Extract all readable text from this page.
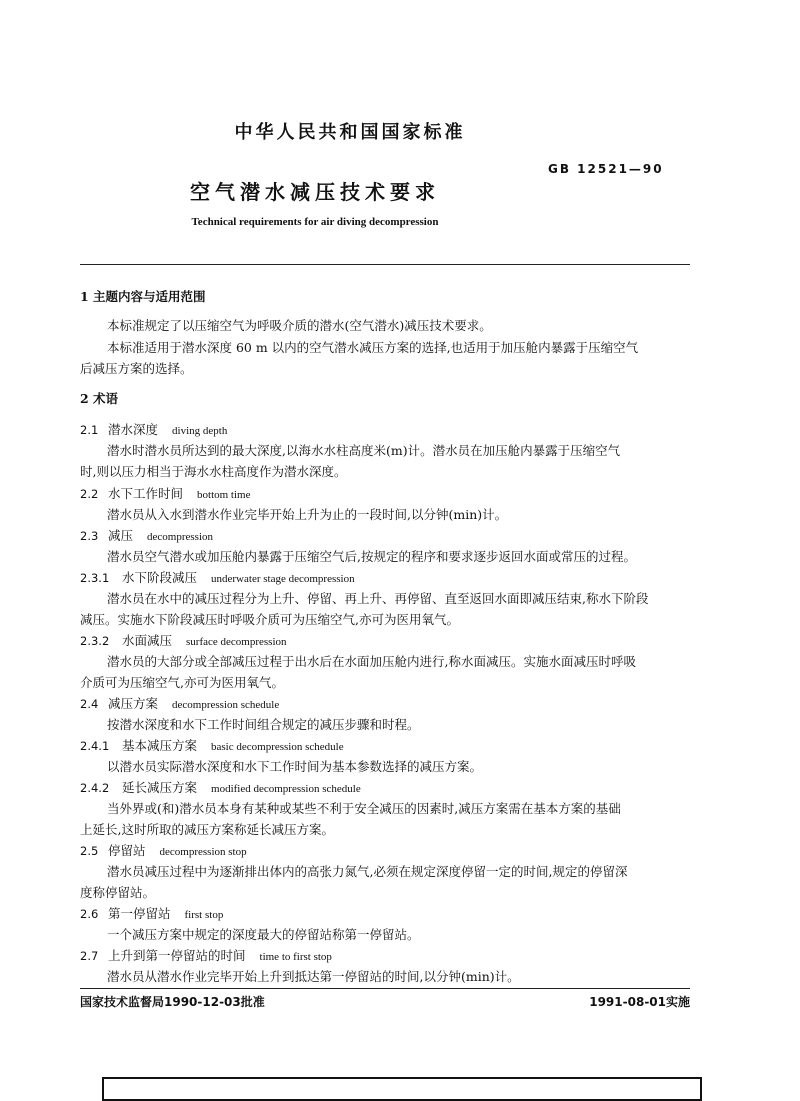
中华人民共和国国家标准
GB 12521—90
空气潜水减压技术要求
Technical requirements for air diving decompression
1 主题内容与适用范围
本标准规定了以压缩空气为呼吸介质的潜水(空气潜水)减压技术要求。
本标准适用于潜水深度 60 m 以内的空气潜水减压方案的选择,也适用于加压舱内暴露于压缩空气
后减压方案的选择。
2 术语
2.1 潜水深度 diving depth
潜水时潜水员所达到的最大深度,以海水水柱高度米(m)计。潜水员在加压舱内暴露于压缩空气
时,则以压力相当于海水水柱高度作为潜水深度。
2.2 水下工作时间 bottom time
潜水员从入水到潜水作业完毕开始上升为止的一段时间,以分钟(min)计。
2.3 减压 decompression
潜水员空气潜水或加压舱内暴露于压缩空气后,按规定的程序和要求逐步返回水面或常压的过程。
2.3.1 水下阶段减压 underwater stage decompression
潜水员在水中的减压过程分为上升、停留、再上升、再停留、直至返回水面即减压结束,称水下阶段
减压。实施水下阶段减压时呼吸介质可为压缩空气,亦可为医用氧气。
2.3.2 水面减压 surface decompression
潜水员的大部分或全部减压过程于出水后在水面加压舱内进行,称水面减压。实施水面减压时呼吸
介质可为压缩空气,亦可为医用氧气。
2.4 减压方案 decompression schedule
按潜水深度和水下工作时间组合规定的减压步骤和时程。
2.4.1 基本减压方案 basic decompression schedule
以潜水员实际潜水深度和水下工作时间为基本参数选择的减压方案。
2.4.2 延长减压方案 modified decompression schedule
当外界或(和)潜水员本身有某种或某些不利于安全减压的因素时,减压方案需在基本方案的基础
上延长,这时所取的减压方案称延长减压方案。
2.5 停留站 decompression stop
潜水员减压过程中为逐渐排出体内的高张力氮气,必须在规定深度停留一定的时间,规定的停留深
度称停留站。
2.6 第一停留站 first stop
一个减压方案中规定的深度最大的停留站称第一停留站。
2.7 上升到第一停留站的时间 time to first stop
潜水员从潜水作业完毕开始上升到抵达第一停留站的时间,以分钟(min)计。
国家技术监督局1990-12-03批准	1991-08-01实施
